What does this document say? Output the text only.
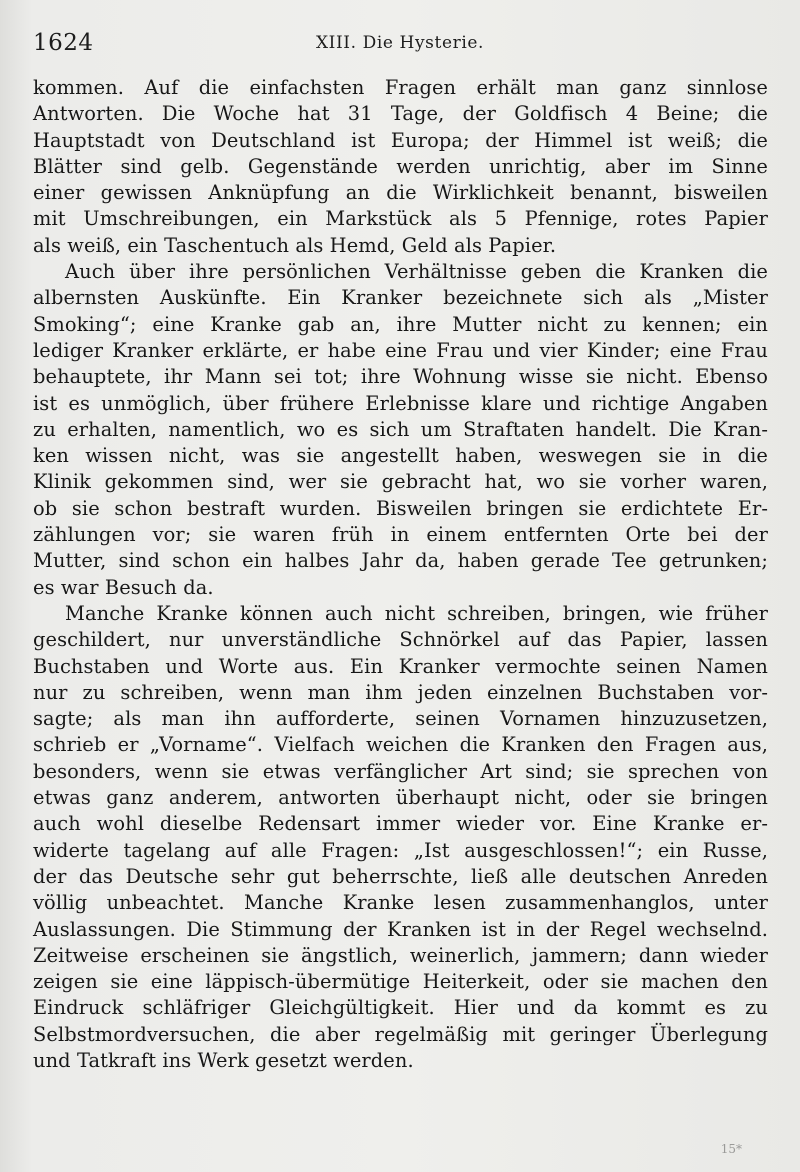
1624	XIII. Die Hysterie.

kommen. Auf die einfachsten Fragen erhält man ganz sinnlose
Antworten. Die Woche hat 31 Tage, der Goldfisch 4 Beine; die
Hauptstadt von Deutschland ist Europa; der Himmel ist weiß; die
Blätter sind gelb. Gegenstände werden unrichtig, aber im Sinne
einer gewissen Anknüpfung an die Wirklichkeit benannt, bisweilen
mit Umschreibungen, ein Markstück als 5 Pfennige, rotes Papier
als weiß, ein Taschentuch als Hemd, Geld als Papier.

Auch über ihre persönlichen Verhältnisse geben die Kranken die
albernsten Auskünfte. Ein Kranker bezeichnete sich als „Mister
Smoking“; eine Kranke gab an, ihre Mutter nicht zu kennen; ein
lediger Kranker erklärte, er habe eine Frau und vier Kinder; eine Frau
behauptete, ihr Mann sei tot; ihre Wohnung wisse sie nicht. Ebenso
ist es unmöglich, über frühere Erlebnisse klare und richtige Angaben
zu erhalten, namentlich, wo es sich um Straftaten handelt. Die Kran-
ken wissen nicht, was sie angestellt haben, weswegen sie in die
Klinik gekommen sind, wer sie gebracht hat, wo sie vorher waren,
ob sie schon bestraft wurden. Bisweilen bringen sie erdichtete Er-
zählungen vor; sie waren früh in einem entfernten Orte bei der
Mutter, sind schon ein halbes Jahr da, haben gerade Tee getrunken;
es war Besuch da.

Manche Kranke können auch nicht schreiben, bringen, wie früher
geschildert, nur unverständliche Schnörkel auf das Papier, lassen
Buchstaben und Worte aus. Ein Kranker vermochte seinen Namen
nur zu schreiben, wenn man ihm jeden einzelnen Buchstaben vor-
sagte; als man ihn aufforderte, seinen Vornamen hinzuzusetzen,
schrieb er „Vorname“. Vielfach weichen die Kranken den Fragen aus,
besonders, wenn sie etwas verfänglicher Art sind; sie sprechen von
etwas ganz anderem, antworten überhaupt nicht, oder sie bringen
auch wohl dieselbe Redensart immer wieder vor. Eine Kranke er-
widerte tagelang auf alle Fragen: „Ist ausgeschlossen!“; ein Russe,
der das Deutsche sehr gut beherrschte, ließ alle deutschen Anreden
völlig unbeachtet. Manche Kranke lesen zusammenhanglos, unter
Auslassungen. Die Stimmung der Kranken ist in der Regel wechselnd.
Zeitweise erscheinen sie ängstlich, weinerlich, jammern; dann wieder
zeigen sie eine läppisch-übermütige Heiterkeit, oder sie machen den
Eindruck schläfriger Gleichgültigkeit. Hier und da kommt es zu
Selbstmordversuchen, die aber regelmäßig mit geringer Überlegung
und Tatkraft ins Werk gesetzt werden.

15*
